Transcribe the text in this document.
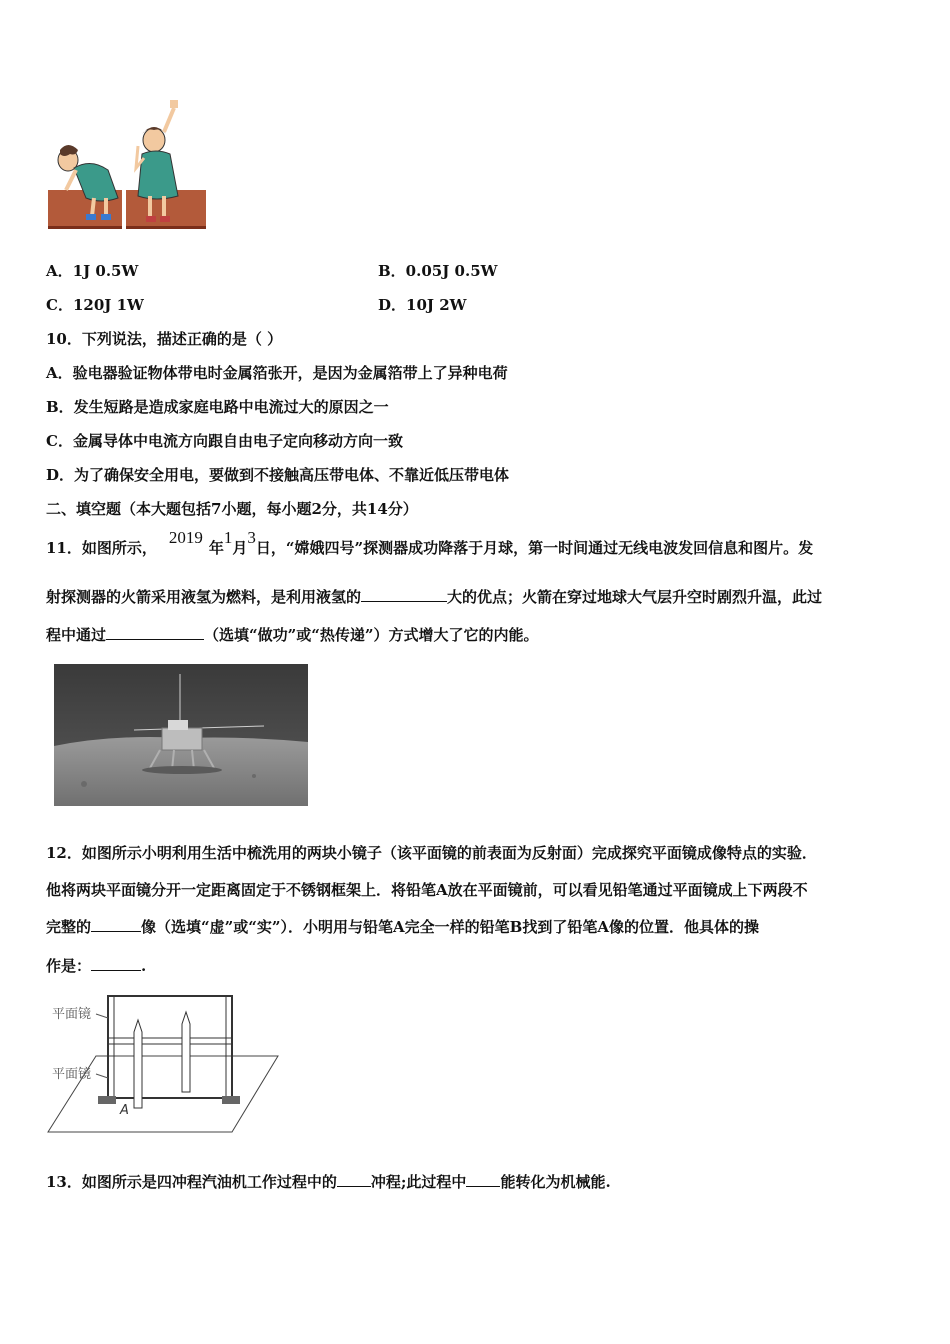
A．1J 0.5W	B．0.05J 0.5W
C．120J 1W	D．10J 2W
10．下列说法，描述正确的是（ ）
A．验电器验证物体带电时金属箔张开，是因为金属箔带上了异种电荷
B．发生短路是造成家庭电路中电流过大的原因之一
C．金属导体中电流方向跟自由电子定向移动方向一致
D．为了确保安全用电，要做到不接触高压带电体、不靠近低压带电体
二、填空题（本大题包括7小题，每小题2分，共14分）
11．如图所示，2019年1月3日，“嫦娥四号”探测器成功降落于月球，第一时间通过无线电波发回信息和图片。发
射探测器的火箭采用液氢为燃料，是利用液氢的	大的优点；火箭在穿过地球大气层升空时剧烈升温，此过
程中通过	（选填“做功”或“热传递”）方式增大了它的内能。
12．如图所示小明利用生活中梳洗用的两块小镜子（该平面镜的前表面为反射面）完成探究平面镜成像特点的实验．
他将两块平面镜分开一定距离固定于不锈钢框架上．将铅笔A放在平面镜前，可以看见铅笔通过平面镜成上下两段不
完整的	像（选填“虚”或“实”）．小明用与铅笔A完全一样的铅笔B找到了铅笔A像的位置．他具体的操
作是：	.
平面镜
平面镜
A
13．如图所示是四冲程汽油机工作过程中的 冲程;此过程中 能转化为机械能.
